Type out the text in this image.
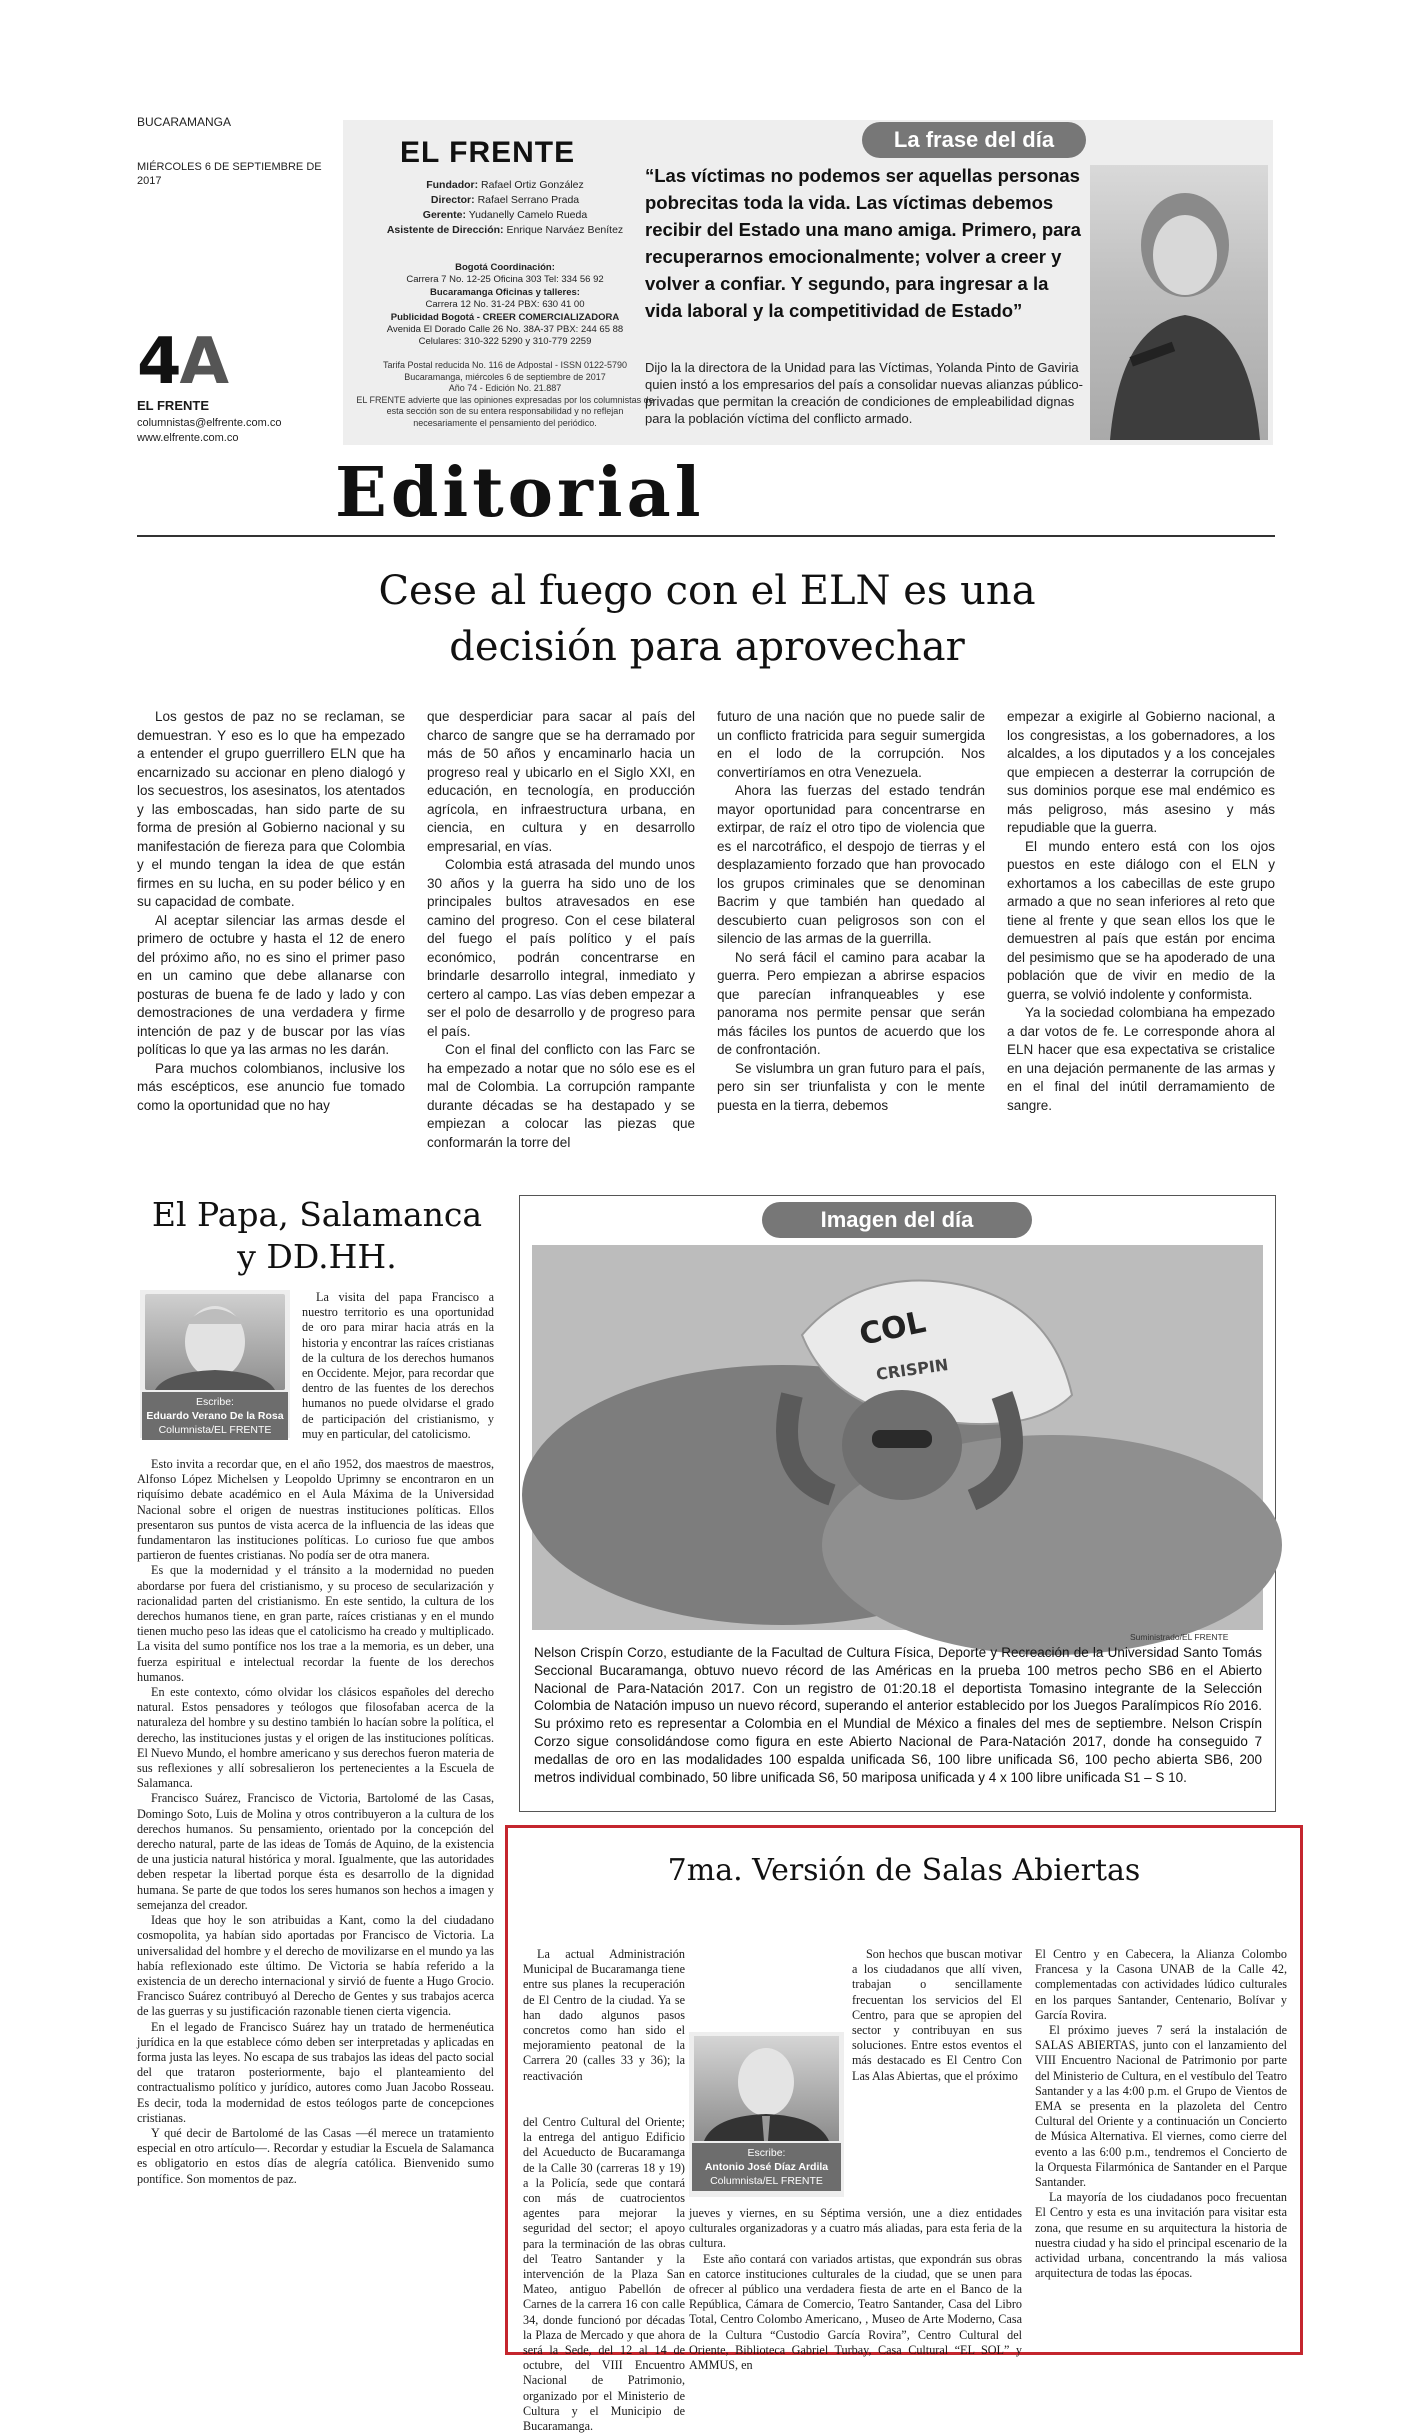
BUCARAMANGA
MIÉRCOLES 6 DE SEPTIEMBRE DE 2017
4A
EL FRENTE
columnistas@elfrente.com.co
www.elfrente.com.co
EL FRENTE
Fundador: Rafael Ortiz González
Director: Rafael Serrano Prada
Gerente: Yudanelly Camelo Rueda
Asistente de Dirección: Enrique Narváez Benítez
Bogotá Coordinación:
Carrera 7 No. 12-25 Oficina 303 Tel: 334 56 92
Bucaramanga Oficinas y talleres:
Carrera 12 No. 31-24 PBX: 630 41 00
Publicidad Bogotá - CREER COMERCIALIZADORA
Avenida El Dorado Calle 26 No. 38A-37 PBX: 244 65 88
Celulares: 310-322 5290 y 310-779 2259
Tarifa Postal reducida No. 116 de Adpostal - ISSN 0122-5790
Bucaramanga, miércoles 6 de septiembre de 2017
Año 74 - Edición No. 21.887
EL FRENTE advierte que las opiniones expresadas por los columnistas de esta sección son de su entera responsabilidad y no reflejan necesariamente el pensamiento del periódico.
La frase del día
“Las víctimas no podemos ser aquellas personas pobrecitas toda la vida. Las víctimas debemos recibir del Estado una mano amiga. Primero, para recuperarnos emocionalmente; volver a creer y volver a confiar. Y segundo, para ingresar a la vida laboral y la competitividad de Estado”
Dijo la la directora de la Unidad para las Víctimas, Yolanda Pinto de Gaviria quien instó a los empresarios del país a consolidar nuevas alianzas público-privadas que permitan la creación de condiciones de empleabilidad dignas para la población víctima del conflicto armado.
Editorial
Cese al fuego con el ELN es una
decisión para aprovechar

Los gestos de paz no se reclaman, se demuestran. Y eso es lo que ha empezado a entender el grupo guerrillero ELN que ha encarnizado su accionar en pleno dialogó y los secuestros, los asesinatos, los atentados y las emboscadas, han sido parte de su forma de presión al Gobierno nacional y su manifestación de fiereza para que Colombia y el mundo tengan la idea de que están firmes en su lucha, en su poder bélico y en su capacidad de combate.

Al aceptar silenciar las armas desde el primero de octubre y hasta el 12 de enero del próximo año, no es sino el primer paso en un camino que debe allanarse con posturas de buena fe de lado y lado y con demostraciones de una verdadera y firme intención de paz y de buscar por las vías políticas lo que ya las armas no les darán.

Para muchos colombianos, inclusive los más escépticos, ese anuncio fue tomado como la oportunidad que no hay

que desperdiciar para sacar al país del charco de sangre que se ha derramado por más de 50 años y encaminarlo hacia un progreso real y ubicarlo en el Siglo XXI, en educación, en tecnología, en producción agrícola, en infraestructura urbana, en ciencia, en cultura y en desarrollo empresarial, en vías.

Colombia está atrasada del mundo unos 30 años y la guerra ha sido uno de los principales bultos atravesados en ese camino del progreso. Con el cese bilateral del fuego el país político y el país económico, podrán concentrarse en brindarle desarrollo integral, inmediato y certero al campo. Las vías deben empezar a ser el polo de desarrollo y de progreso para el país.

Con el final del conflicto con las Farc se ha empezado a notar que no sólo ese es el mal de Colombia. La corrupción rampante durante décadas se ha destapado y se empiezan a colocar las piezas que conformarán la torre del

futuro de una nación que no puede salir de un conflicto fratricida para seguir sumergida en el lodo de la corrupción. Nos convertiríamos en otra Venezuela.

Ahora las fuerzas del estado tendrán mayor oportunidad para concentrarse en extirpar, de raíz el otro tipo de violencia que es el narcotráfico, el despojo de tierras y el desplazamiento forzado que han provocado los grupos criminales que se denominan Bacrim y que también han quedado al descubierto cuan peligrosos son con el silencio de las armas de la guerrilla.

No será fácil el camino para acabar la guerra. Pero empiezan a abrirse espacios que parecían infranqueables y ese panorama nos permite pensar que serán más fáciles los puntos de acuerdo que los de confrontación.

Se vislumbra un gran futuro para el país, pero sin ser triunfalista y con le mente puesta en la tierra, debemos

empezar a exigirle al Gobierno nacional, a los congresistas, a los gobernadores, a los alcaldes, a los diputados y a los concejales que empiecen a desterrar la corrupción de sus dominios porque ese mal endémico es más peligroso, más asesino y más repudiable que la guerra.

El mundo entero está con los ojos puestos en este diálogo con el ELN y exhortamos a los cabecillas de este grupo armado a que no sean inferiores al reto que tiene al frente y que sean ellos los que le demuestren al país que están por encima del pesimismo que se ha apoderado de una población que de vivir en medio de la guerra, se volvió indolente y conformista.

Ya la sociedad colombiana ha empezado a dar votos de fe. Le corresponde ahora al ELN hacer que esa expectativa se cristalice en una dejación permanente de las armas y en el final del inútil derramamiento de sangre.

El Papa, Salamanca
y DD.HH.
Escribe:
Eduardo Verano De la Rosa
Columnista/EL FRENTE

La visita del papa Francisco a nuestro territorio es una oportunidad de oro para mirar hacia atrás en la historia y encontrar las raíces cristianas de la cultura de los derechos humanos en Occidente. Mejor, para recordar que dentro de las fuentes de los derechos humanos no puede olvidarse el grado de participación del cristianismo, y muy en particular, del catolicismo.

Esto invita a recordar que, en el año 1952, dos maestros de maestros, Alfonso López Michelsen y Leopoldo Uprimny se encontraron en un riquísimo debate académico en el Aula Máxima de la Universidad Nacional sobre el origen de nuestras instituciones políticas. Ellos presentaron sus puntos de vista acerca de la influencia de las ideas que fundamentaron las instituciones políticas. Lo curioso fue que ambos partieron de fuentes cristianas. No podía ser de otra manera.

Es que la modernidad y el tránsito a la modernidad no pueden abordarse por fuera del cristianismo, y su proceso de secularización y racionalidad parten del cristianismo. En este sentido, la cultura de los derechos humanos tiene, en gran parte, raíces cristianas y en el mundo tienen mucho peso las ideas que el catolicismo ha creado y multiplicado. La visita del sumo pontífice nos los trae a la memoria, es un deber, una fuerza espiritual e intelectual recordar la fuente de los derechos humanos.

En este contexto, cómo olvidar los clásicos españoles del derecho natural. Estos pensadores y teólogos que filosofaban acerca de la naturaleza del hombre y su destino también lo hacían sobre la política, el derecho, las instituciones justas y el origen de las instituciones políticas. El Nuevo Mundo, el hombre americano y sus derechos fueron materia de sus reflexiones y allí sobresalieron los pertenecientes a la Escuela de Salamanca.

Francisco Suárez, Francisco de Victoria, Bartolomé de las Casas, Domingo Soto, Luis de Molina y otros contribuyeron a la cultura de los derechos humanos. Su pensamiento, orientado por la concepción del derecho natural, parte de las ideas de Tomás de Aquino, de la existencia de una justicia natural histórica y moral. Igualmente, que las autoridades deben respetar la libertad porque ésta es desarrollo de la dignidad humana. Se parte de que todos los seres humanos son hechos a imagen y semejanza del creador.

Ideas que hoy le son atribuidas a Kant, como la del ciudadano cosmopolita, ya habían sido aportadas por Francisco de Victoria. La universalidad del hombre y el derecho de movilizarse en el mundo ya las había reflexionado este último. De Victoria se había referido a la existencia de un derecho internacional y sirvió de fuente a Hugo Grocio. Francisco Suárez contribuyó al Derecho de Gentes y sus trabajos acerca de las guerras y su justificación razonable tienen cierta vigencia.

En el legado de Francisco Suárez hay un tratado de hermenéutica jurídica en la que establece cómo deben ser interpretadas y aplicadas en forma justa las leyes. No escapa de sus trabajos las ideas del pacto social del que trataron posteriormente, bajo el planteamiento del contractualismo político y jurídico, autores como Juan Jacobo Rosseau. Es decir, toda la modernidad de estos teólogos parte de concepciones cristianas.

Y qué decir de Bartolomé de las Casas —él merece un tratamiento especial en otro artículo—. Recordar y estudiar la Escuela de Salamanca es obligatorio en estos días de alegría católica. Bienvenido sumo pontífice. Son momentos de paz.

Imagen del día
COL
CRISPIN
Suministrado/EL FRENTE
Nelson Crispín Corzo, estudiante de la Facultad de Cultura Física, Deporte y Recreación de la Universidad Santo Tomás Seccional Bucaramanga, obtuvo nuevo récord de las Américas en la prueba 100 metros pecho SB6 en el Abierto Nacional de Para-Natación 2017. Con un registro de 01:20.18 el deportista Tomasino integrante de la Selección Colombia de Natación impuso un nuevo récord, superando el anterior establecido por los Juegos Paralímpicos Río 2016. Su próximo reto es representar a Colombia en el Mundial de México a finales del mes de septiembre. Nelson Crispín Corzo sigue consolidándose como figura en este Abierto Nacional de Para-Natación 2017, donde ha conseguido 7 medallas de oro en las modalidades 100 espalda unificada S6, 100 libre unificada S6, 100 pecho abierta SB6, 200 metros individual combinado, 50 libre unificada S6, 50 mariposa unificada y 4 x 100 libre unificada S1 – S 10.
7ma. Versión de Salas Abiertas
Escribe:
Antonio José Díaz Ardila
Columnista/EL FRENTE

La actual Administración Municipal de Bucaramanga tiene entre sus planes la recuperación de El Centro de la ciudad. Ya se han dado algunos pasos concretos como han sido el mejoramiento peatonal de la Carrera 20 (calles 33 y 36); la reactivación

del Centro Cultural del Oriente; la entrega del antiguo Edificio del Acueducto de Bucaramanga de la Calle 30 (carreras 18 y 19) a la Policía, sede que contará con más de cuatrocientos agentes para mejorar la seguridad del sector; el apoyo para la terminación de las obras del Teatro Santander y la intervención de la Plaza San Mateo, antiguo Pabellón de Carnes de la carrera 16 con calle 34, donde funcionó por décadas la Plaza de Mercado y que ahora será la Sede, del 12 al 14 de octubre, del VIII Encuentro Nacional de Patrimonio, organizado por el Ministerio de Cultura y el Municipio de Bucaramanga.

Son hechos que buscan motivar a los ciudadanos que allí viven, trabajan o sencillamente frecuentan los servicios del El Centro, para que se apropien del sector y contribuyan en sus soluciones. Entre estos eventos el más destacado es El Centro Con Las Alas Abiertas, que el próximo

jueves y viernes, en su Séptima versión, une a diez entidades culturales organizadoras y a cuatro más aliadas, para esta feria de la cultura.

Este año contará con variados artistas, que expondrán sus obras en catorce instituciones culturales de la ciudad, que se unen para ofrecer al público una verdadera fiesta de arte en el Banco de la República, Cámara de Comercio, Teatro Santander, Casa del Libro Total, Centro Colombo Americano, , Museo de Arte Moderno, Casa de la Cultura “Custodio García Rovira”, Centro Cultural del Oriente, Biblioteca Gabriel Turbay, Casa Cultural “EL SOL” y AMMUS, en

El Centro y en Cabecera, la Alianza Colombo Francesa y la Casona UNAB de la Calle 42, complementadas con actividades lúdico culturales en los parques Santander, Centenario, Bolívar y García Rovira.

El próximo jueves 7 será la instalación de SALAS ABIERTAS, junto con el lanzamiento del VIII Encuentro Nacional de Patrimonio por parte del Ministerio de Cultura, en el vestíbulo del Teatro Santander y a las 4:00 p.m. el Grupo de Vientos de EMA se presenta en la plazoleta del Centro Cultural del Oriente y a continuación un Concierto de Música Alternativa. El viernes, como cierre del evento a las 6:00 p.m., tendremos el Concierto de la Orquesta Filarmónica de Santander en el Parque Santander.

La mayoría de los ciudadanos poco frecuentan El Centro y esta es una invitación para visitar esta zona, que resume en su arquitectura la historia de nuestra ciudad y ha sido el principal escenario de la actividad urbana, concentrando la más valiosa arquitectura de todas las épocas.
